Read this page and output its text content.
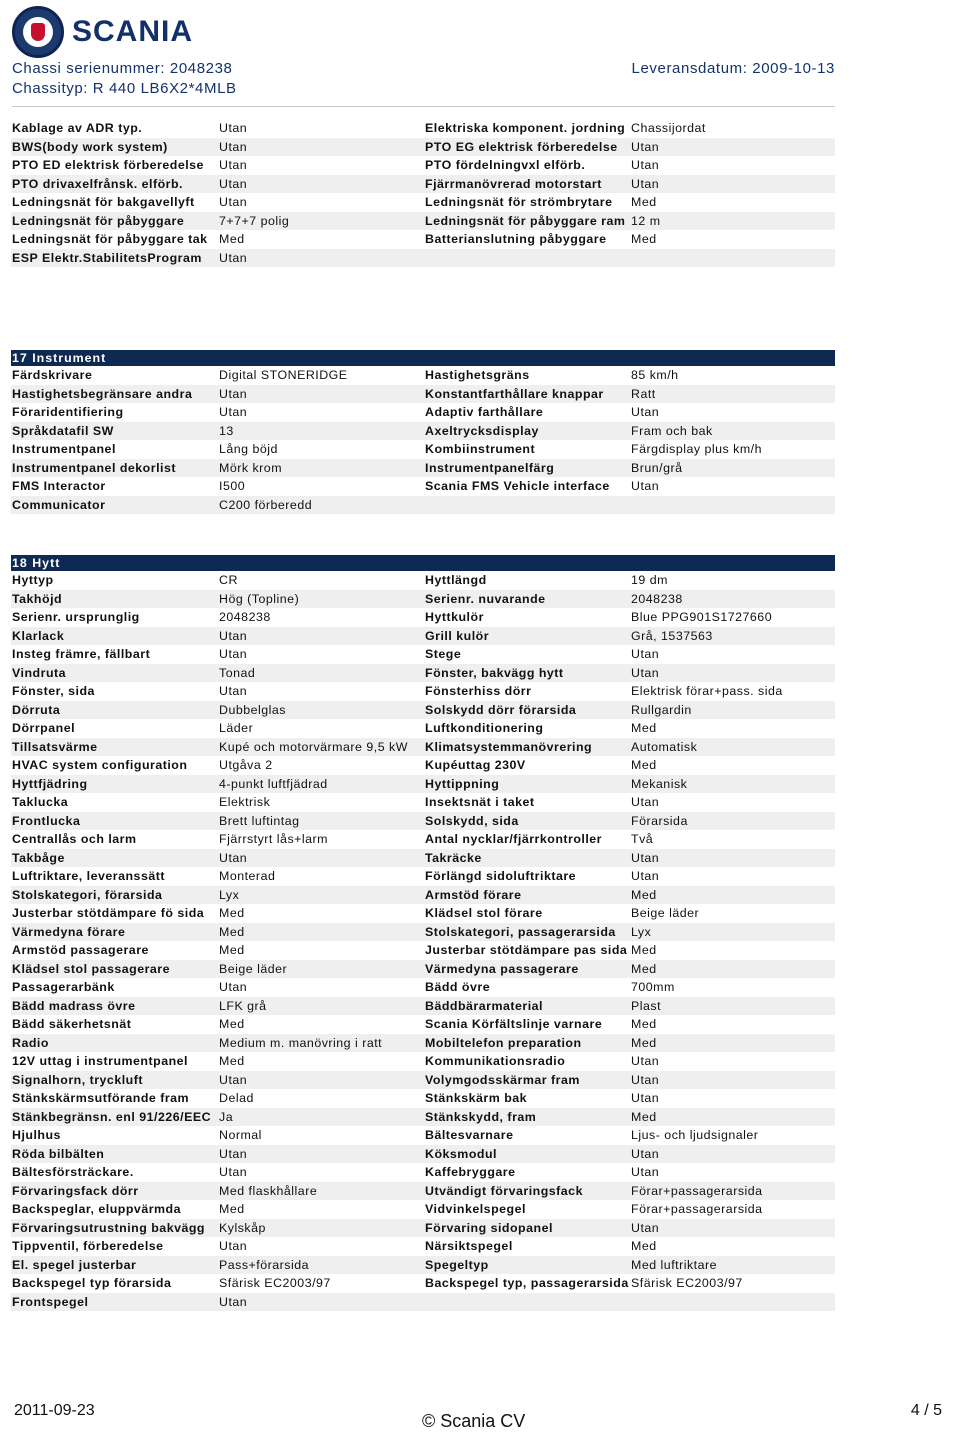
SCANIA
Chassi serienummer: 2048238
Chassityp: R 440 LB6X2*4MLB
Leveransdatum: 2009-10-13
Kablage av ADR typ.	Utan	Elektriska komponent. jordning Chassijordat
BWS(body work system)	Utan	PTO EG elektrisk förberedelse	Utan
PTO ED elektrisk förberedelse	Utan	PTO fördelningvxl elförb.	Utan
PTO drivaxelfrånsk. elförb.	Utan	Fjärrmanövrerad motorstart	Utan
Ledningsnät för bakgavellyft	Utan	Ledningsnät för strömbrytare	Med
Ledningsnät för påbyggare	7+7+7 polig	Ledningsnät för påbyggare ram 12 m
Ledningsnät för påbyggare tak Med	Batterianslutning påbyggare	Med
ESP Elektr.StabilitetsProgram	Utan
17 Instrument
Färdskrivare	Digital STONERIDGE	Hastighetsgräns	85 km/h
Hastighetsbegränsare andra	Utan	Konstantfarthållare knappar	Ratt
Föraridentifiering	Utan	Adaptiv farthållare	Utan
Språkdatafil SW	13	Axeltrycksdisplay	Fram och bak
Instrumentpanel	Lång böjd	Kombiinstrument	Färgdisplay plus km/h
Instrumentpanel dekorlist	Mörk krom	Instrumentpanelfärg	Brun/grå
FMS Interactor	I500	Scania FMS Vehicle interface	Utan
Communicator	C200 förberedd
18 Hytt
Hyttyp	CR	Hyttlängd	19 dm
Takhöjd	Hög (Topline)	Serienr. nuvarande	2048238
Serienr. ursprunglig	2048238	Hyttkulör	Blue PPG901S1727660
Klarlack	Utan	Grill kulör	Grå, 1537563
Insteg främre, fällbart	Utan	Stege	Utan
Vindruta	Tonad	Fönster, bakvägg hytt	Utan
Fönster, sida	Utan	Fönsterhiss dörr	Elektrisk förar+pass. sida
Dörruta	Dubbelglas	Solskydd dörr förarsida	Rullgardin
Dörrpanel	Läder	Luftkonditionering	Med
Tillsatsvärme	Kupé och motorvärmare 9,5 kW	Klimatsystemmanövrering	Automatisk
HVAC system configuration	Utgåva 2	Kupéuttag 230V	Med
Hyttfjädring	4-punkt luftfjädrad	Hyttippning	Mekanisk
Taklucka	Elektrisk	Insektsnät i taket	Utan
Frontlucka	Brett luftintag	Solskydd, sida	Förarsida
Centrallås och larm	Fjärrstyrt lås+larm	Antal nycklar/fjärrkontroller	Två
Takbåge	Utan	Takräcke	Utan
Luftriktare, leveranssätt	Monterad	Förlängd sidoluftriktare	Utan
Stolskategori, förarsida	Lyx	Armstöd förare	Med
Justerbar stötdämpare fö sida	Med	Klädsel stol förare	Beige läder
Värmedyna förare	Med	Stolskategori, passagerarsida	Lyx
Armstöd passagerare	Med	Justerbar stötdämpare pas sida Med
Klädsel stol passagerare	Beige läder	Värmedyna passagerare	Med
Passagerarbänk	Utan	Bädd övre	700mm
Bädd madrass övre	LFK grå	Bäddbärarmaterial	Plast
Bädd säkerhetsnät	Med	Scania Körfältslinje varnare	Med
Radio	Medium m. manövring i ratt	Mobiltelefon preparation	Med
12V uttag i instrumentpanel	Med	Kommunikationsradio	Utan
Signalhorn, tryckluft	Utan	Volymgodsskärmar fram	Utan
Stänkskärmsutförande fram	Delad	Stänkskärm bak	Utan
Stänkbegränsn. enl 91/226/EEC Ja	Stänkskydd, fram	Med
Hjulhus	Normal	Bältesvarnare	Ljus- och ljudsignaler
Röda bilbälten	Utan	Köksmodul	Utan
Bältesförsträckare.	Utan	Kaffebryggare	Utan
Förvaringsfack dörr	Med flaskhållare	Utvändigt förvaringsfack	Förar+passagerarsida
Backspeglar, eluppvärmda	Med	Vidvinkelspegel	Förar+passagerarsida
Förvaringsutrustning bakvägg	Kylskåp	Förvaring sidopanel	Utan
Tippventil, förberedelse	Utan	Närsiktspegel	Med
El. spegel justerbar	Pass+förarsida	Spegeltyp	Med luftriktare
Backspegel typ förarsida	Sfärisk EC2003/97	Backspegel typ, passagerarsida Sfärisk EC2003/97
Frontspegel	Utan
2011-09-23
© Scania CV
4 / 5
